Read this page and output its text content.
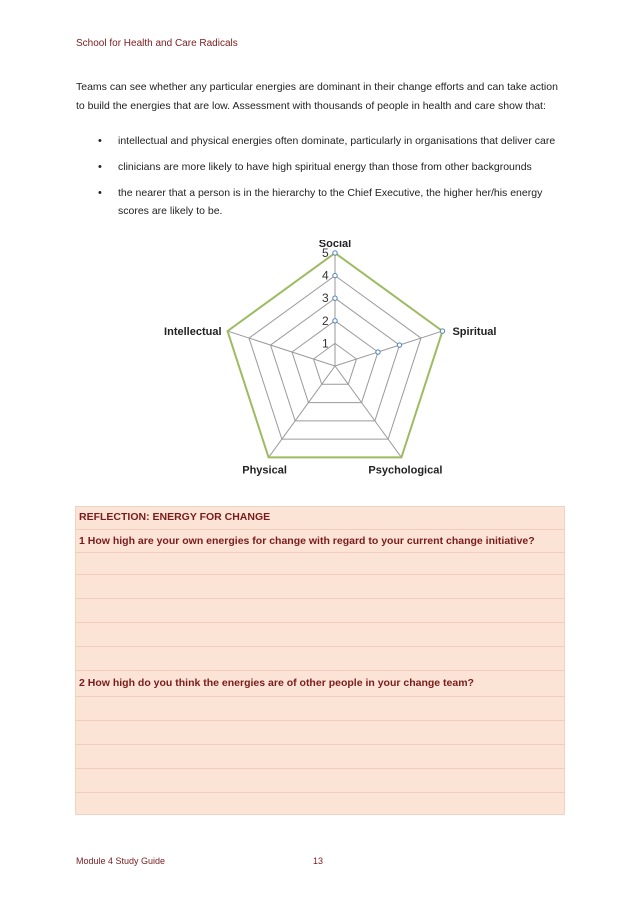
School for Health and Care Radicals
Teams can see whether any particular energies are dominant in their change efforts and can take action to build the energies that are low. Assessment with thousands of people in health and care show that:
• intellectual and physical energies often dominate, particularly in organisations that deliver care
• clinicians are more likely to have high spiritual energy than those from other backgrounds
• the nearer that a person is in the hierarchy to the Chief Executive, the higher her/his energy scores are likely to be.
1
2
3
4
5
Social
Spiritual
Psychological
Physical
Intellectual
REFLECTION: ENERGY FOR CHANGE
1 How high are your own energies for change with regard to your current change initiative?
2 How high do you think the energies are of other people in your change team?
Module 4 Study Guide	13
